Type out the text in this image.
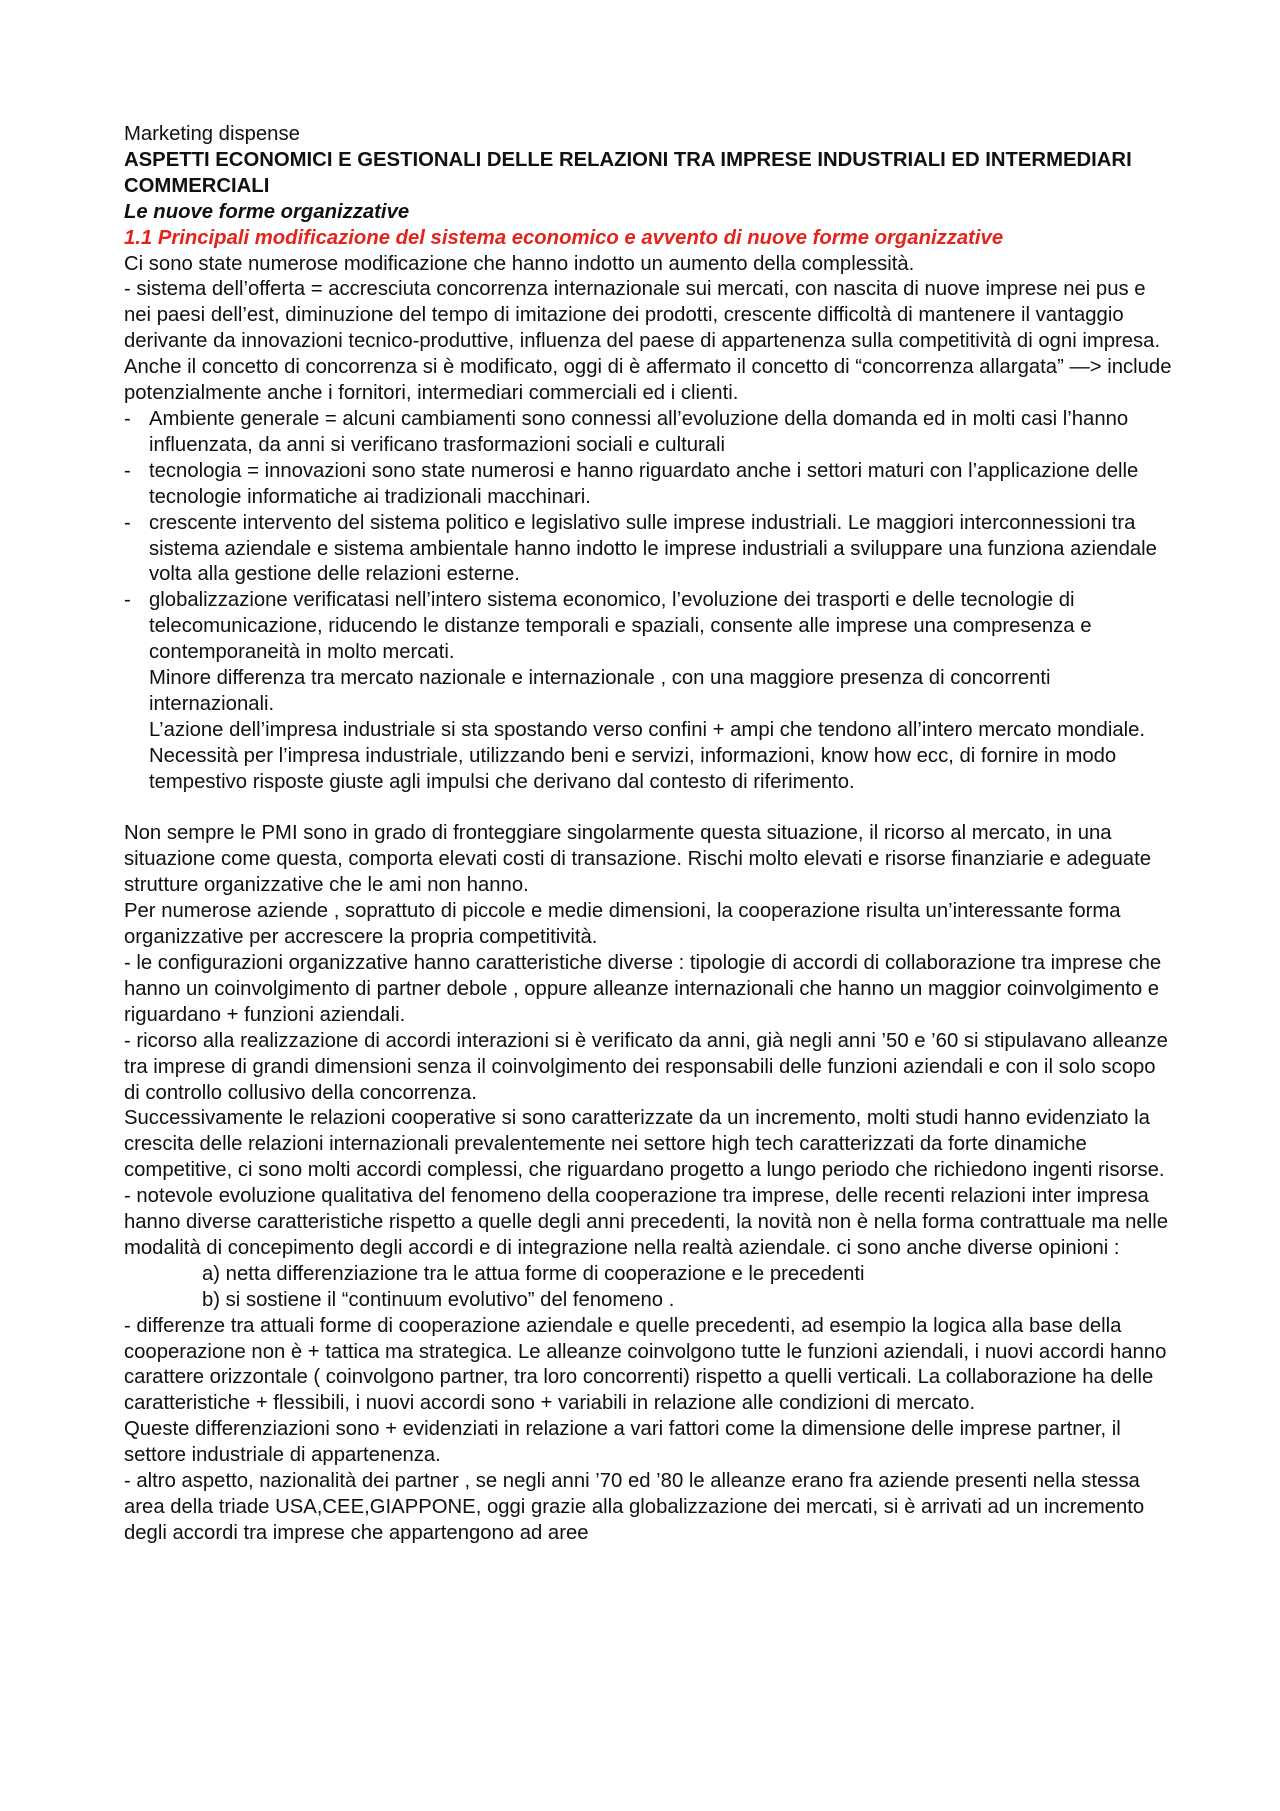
Marketing dispense

ASPETTI ECONOMICI E GESTIONALI DELLE RELAZIONI TRA IMPRESE INDUSTRIALI ED INTERMEDIARI COMMERCIALI

Le nuove forme organizzative

1.1 Principali modificazione del sistema economico e avvento di nuove forme organizzative

Ci sono state numerose modificazione che hanno indotto un aumento della complessità.

- sistema dell’offerta = accresciuta concorrenza internazionale sui mercati, con nascita di nuove imprese nei pus e nei paesi dell’est, diminuzione del tempo di imitazione dei prodotti, crescente difficoltà di mantenere il vantaggio derivante da innovazioni tecnico-produttive, influenza del paese di appartenenza sulla competitività di ogni impresa.

Anche il concetto di concorrenza si è modificato, oggi di è affermato il concetto di “concorrenza allargata” —> include potenzialmente anche i fornitori, intermediari commerciali ed i clienti.

- Ambiente generale = alcuni cambiamenti sono connessi all’evoluzione della domanda ed in molti casi l’hanno influenzata, da anni si verificano trasformazioni sociali e culturali
- tecnologia = innovazioni sono state numerosi e hanno riguardato anche i settori maturi con l’applicazione delle tecnologie informatiche ai tradizionali macchinari.
- crescente intervento del sistema politico e legislativo sulle imprese industriali. Le maggiori interconnessioni tra sistema aziendale e sistema ambientale hanno indotto le imprese industriali a sviluppare una funziona aziendale volta alla gestione delle relazioni esterne.
- globalizzazione verificatasi nell’intero sistema economico, l’evoluzione dei trasporti e delle tecnologie di telecomunicazione, riducendo le distanze temporali e spaziali, consente alle imprese una compresenza e contemporaneità in molto mercati.

Minore differenza tra mercato nazionale e internazionale , con una maggiore presenza di concorrenti internazionali.

L’azione dell’impresa industriale si sta spostando verso confini + ampi che tendono all’intero mercato mondiale.

Necessità per l’impresa industriale, utilizzando beni e servizi, informazioni, know how ecc, di fornire in modo tempestivo risposte giuste agli impulsi che derivano dal contesto di riferimento.

Non sempre le PMI sono in grado di fronteggiare singolarmente questa situazione, il ricorso al mercato, in una situazione come questa, comporta elevati costi di transazione. Rischi molto elevati e risorse finanziarie e adeguate strutture organizzative che le ami non hanno.

Per numerose aziende , soprattuto di piccole e medie dimensioni, la cooperazione risulta un’interessante forma organizzative per accrescere la propria competitività.

- le configurazioni organizzative hanno caratteristiche diverse : tipologie di accordi di collaborazione tra imprese che hanno un coinvolgimento di partner debole , oppure alleanze internazionali che hanno un maggior coinvolgimento e riguardano + funzioni aziendali.

- ricorso alla realizzazione di accordi interazioni si è verificato da anni, già negli anni ’50 e ’60 si stipulavano alleanze tra imprese di grandi dimensioni senza il coinvolgimento dei responsabili delle funzioni aziendali e con il solo scopo di controllo collusivo della concorrenza.

Successivamente le relazioni cooperative si sono caratterizzate da un incremento, molti studi hanno evidenziato la crescita delle relazioni internazionali prevalentemente nei settore high tech caratterizzati da forte dinamiche competitive, ci sono molti accordi complessi, che riguardano progetto a lungo periodo che richiedono ingenti risorse.

- notevole evoluzione qualitativa del fenomeno della cooperazione tra imprese, delle recenti relazioni inter impresa hanno diverse caratteristiche rispetto a quelle degli anni precedenti, la novità non è nella forma contrattuale ma nelle modalità di concepimento degli accordi e di integrazione nella realtà aziendale. ci sono anche diverse opinioni :

a) netta differenziazione tra le attua forme di cooperazione e le precedenti

b) si sostiene il “continuum evolutivo” del fenomeno .

- differenze tra attuali forme di cooperazione aziendale e quelle precedenti, ad esempio la logica alla base della cooperazione non è + tattica ma strategica. Le alleanze coinvolgono tutte le funzioni aziendali, i nuovi accordi hanno carattere orizzontale ( coinvolgono partner, tra loro concorrenti) rispetto a quelli verticali. La collaborazione ha delle caratteristiche + flessibili, i nuovi accordi sono + variabili in relazione alle condizioni di mercato.

Queste differenziazioni sono + evidenziati in relazione a vari fattori come la dimensione delle imprese partner, il settore industriale di appartenenza.

- altro aspetto, nazionalità dei partner , se negli anni ’70 ed ’80 le alleanze erano fra aziende presenti nella stessa area della triade USA,CEE,GIAPPONE, oggi grazie alla globalizzazione dei mercati, si è arrivati ad un incremento degli accordi tra imprese che appartengono ad aree
